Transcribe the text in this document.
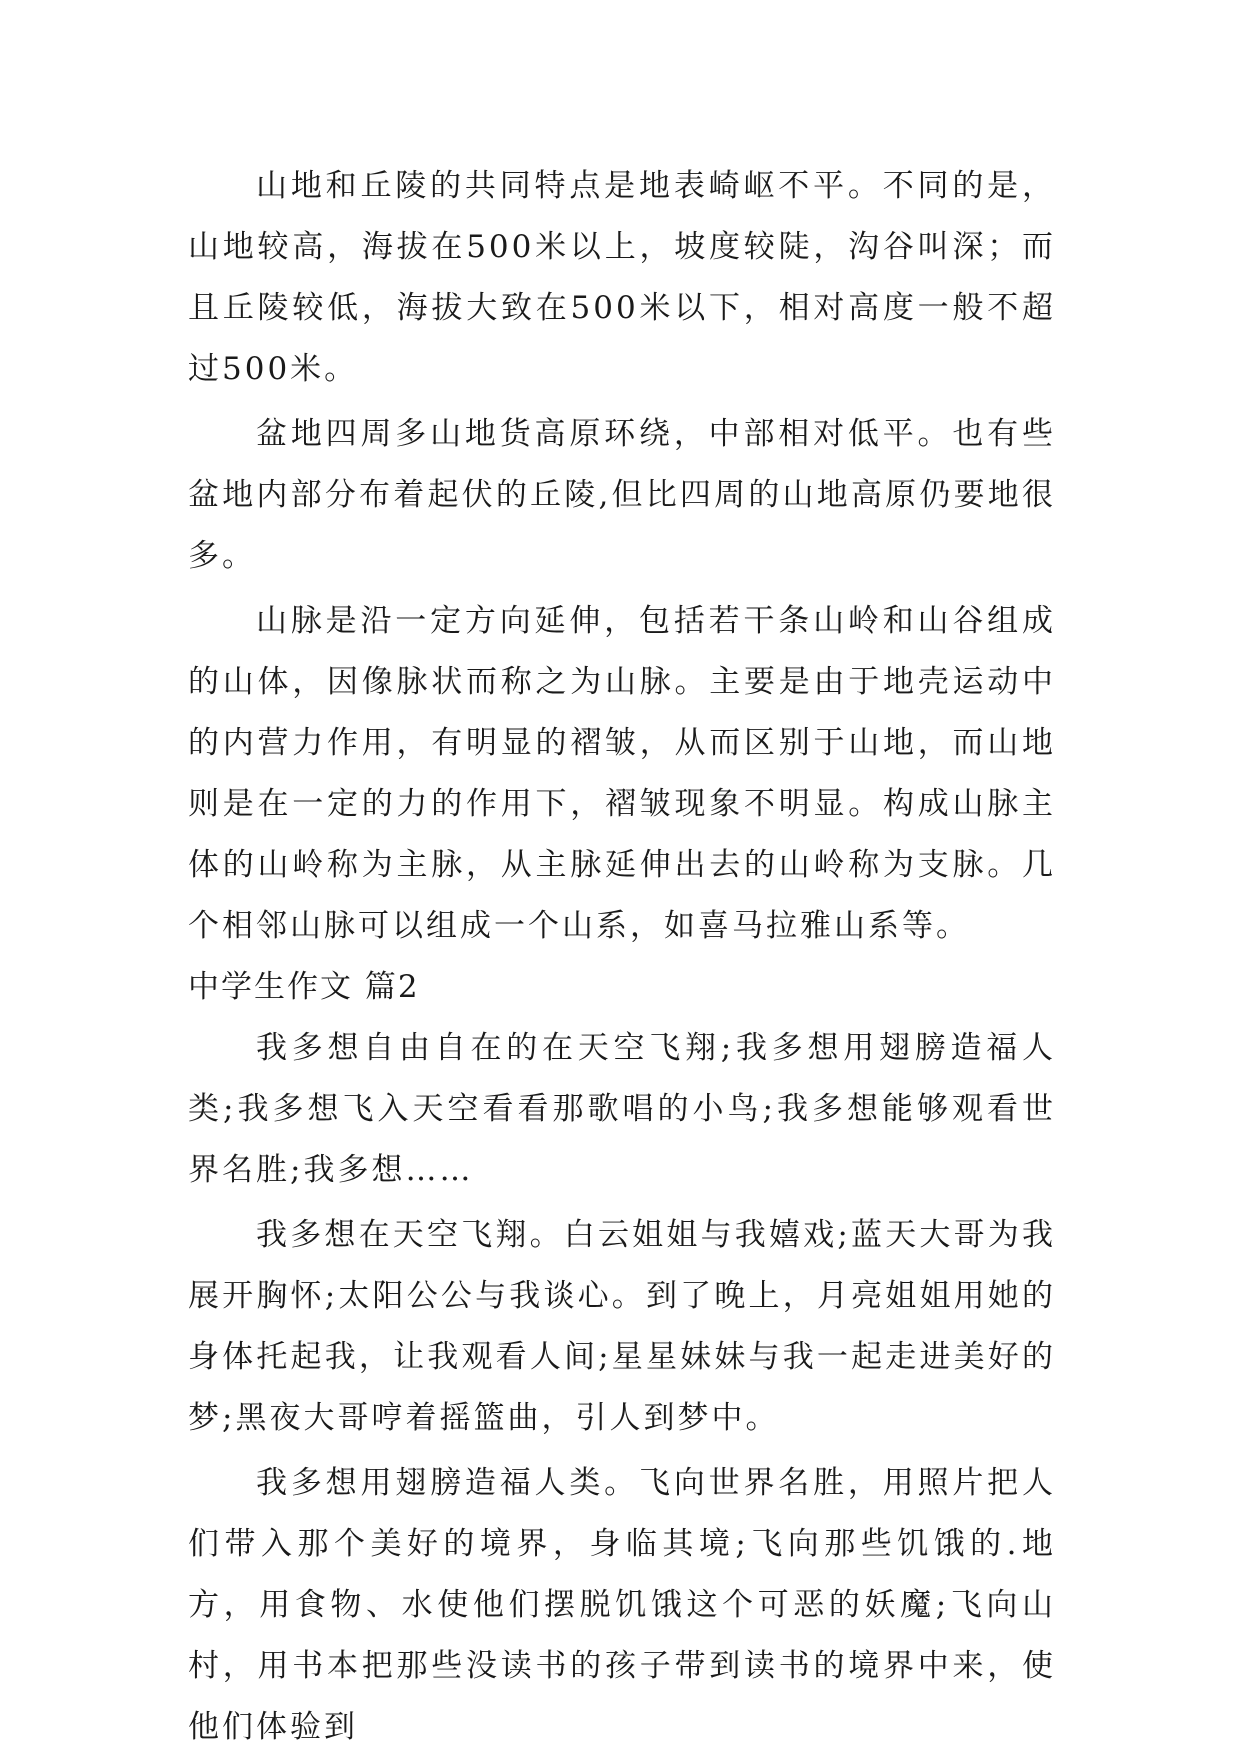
山地和丘陵的共同特点是地表崎岖不平。不同的是，山地较高，海拔在500米以上，坡度较陡，沟谷叫深；而且丘陵较低，海拔大致在500米以下，相对高度一般不超过500米。

盆地四周多山地货高原环绕，中部相对低平。也有些盆地内部分布着起伏的丘陵,但比四周的山地高原仍要地很多。

山脉是沿一定方向延伸，包括若干条山岭和山谷组成的山体，因像脉状而称之为山脉。主要是由于地壳运动中的内营力作用，有明显的褶皱，从而区别于山地，而山地则是在一定的力的作用下，褶皱现象不明显。构成山脉主体的山岭称为主脉，从主脉延伸出去的山岭称为支脉。几个相邻山脉可以组成一个山系，如喜马拉雅山系等。

中学生作文 篇2

我多想自由自在的在天空飞翔;我多想用翅膀造福人类;我多想飞入天空看看那歌唱的小鸟;我多想能够观看世界名胜;我多想……

我多想在天空飞翔。白云姐姐与我嬉戏;蓝天大哥为我展开胸怀;太阳公公与我谈心。到了晚上，月亮姐姐用她的身体托起我，让我观看人间;星星妹妹与我一起走进美好的梦;黑夜大哥哼着摇篮曲，引人到梦中。

我多想用翅膀造福人类。飞向世界名胜，用照片把人们带入那个美好的境界，身临其境;飞向那些饥饿的.地方，用食物、水使他们摆脱饥饿这个可恶的妖魔;飞向山村，用书本把那些没读书的孩子带到读书的境界中来，使他们体验到
